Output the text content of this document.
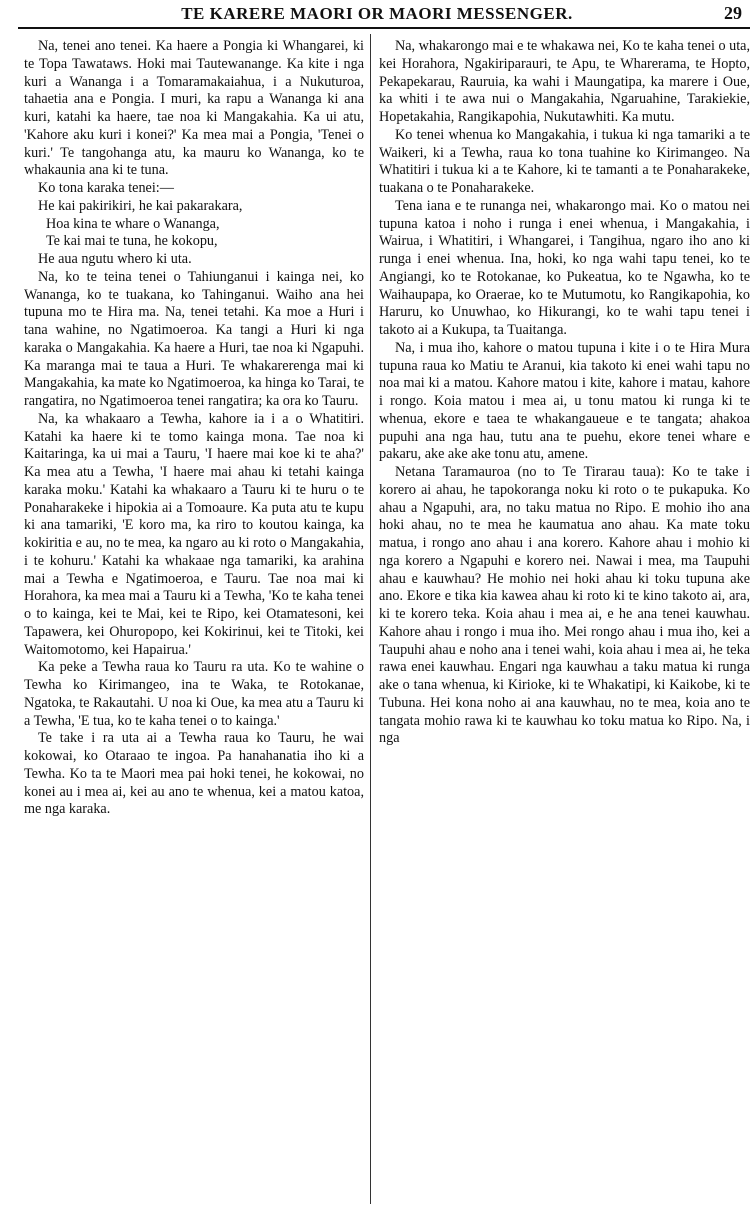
TE KARERE MAORI OR MAORI MESSENGER.	29

Na, tenei ano tenei. Ka haere a Pongia ki Whangarei, ki te Topa Tawataws. Hoki mai Tautewanange. Ka kite i nga kuri a Wananga i a Tomaramakaiahua, i a Nukuturoa, tahaetia ana e Pongia. I muri, ka rapu a Wananga ki ana kuri, katahi ka haere, tae noa ki Mangakahia. Ka ui atu, 'Kahore aku kuri i konei?' Ka mea mai a Pongia, 'Tenei o kuri.' Te tangohanga atu, ka mauru ko Wananga, ko te whakaunia ana ki te tuna.

Ko tona karaka tenei:—

He kai pakirikiri, he kai pakarakara,

Hoa kina te whare o Wananga,

Te kai mai te tuna, he kokopu,

He aua ngutu whero ki uta.

Na, ko te teina tenei o Tahiunganui i kainga nei, ko Wananga, ko te tuakana, ko Tahinganui. Waiho ana hei tupuna mo te Hira ma. Na, tenei tetahi. Ka moe a Huri i tana wahine, no Ngatimoeroa. Ka tangi a Huri ki nga karaka o Mangakahia. Ka haere a Huri, tae noa ki Ngapuhi. Ka maranga mai te taua a Huri. Te whakarerenga mai ki Mangakahia, ka mate ko Ngatimoeroa, ka hinga ko Tarai, te rangatira, no Ngatimoeroa tenei rangatira; ka ora ko Tauru.

Na, ka whakaaro a Tewha, kahore ia i a o Whatitiri. Katahi ka haere ki te tomo kainga mona. Tae noa ki Kaitaringa, ka ui mai a Tauru, 'I haere mai koe ki te aha?' Ka mea atu a Tewha, 'I haere mai ahau ki tetahi kainga karaka moku.' Katahi ka whakaaro a Tauru ki te huru o te Ponaharakeke i hipokia ai a Tomoaure. Ka puta atu te kupu ki ana tamariki, 'E koro ma, ka riro to koutou kainga, ka kokiritia e au, no te mea, ka ngaro au ki roto o Mangakahia, i te kohuru.' Katahi ka whakaae nga tamariki, ka arahina mai a Tewha e Ngatimoeroa, e Tauru. Tae noa mai ki Horahora, ka mea mai a Tauru ki a Tewha, 'Ko te kaha tenei o to kainga, kei te Mai, kei te Ripo, kei Otamatesoni, kei Tapawera, kei Ohuropopo, kei Kokirinui, kei te Titoki, kei Waitomotomo, kei Hapairua.'

Ka peke a Tewha raua ko Tauru ra uta. Ko te wahine o Tewha ko Kirimangeo, ina te Waka, te Rotokanae, Ngatoka, te Rakautahi. U noa ki Oue, ka mea atu a Tauru ki a Tewha, 'E tua, ko te kaha tenei o to kainga.'

Te take i ra uta ai a Tewha raua ko Tauru, he wai kokowai, ko Otaraao te ingoa. Pa hanahanatia iho ki a Tewha. Ko ta te Maori mea pai hoki tenei, he kokowai, no konei au i mea ai, kei au ano te whenua, kei a matou katoa, me nga karaka.

Na, whakarongo mai e te whakawa nei, Ko te kaha tenei o uta, kei Horahora, Ngakiriparauri, te Apu, te Wharerama, te Hopto, Pekapekarau, Rauruia, ka wahi i Maungatipa, ka marere i Oue, ka whiti i te awa nui o Mangakahia, Ngaruahine, Tarakiekie, Hopetakahia, Rangikapohia, Nukutawhiti. Ka mutu.

Ko tenei whenua ko Mangakahia, i tukua ki nga tamariki a te Waikeri, ki a Tewha, raua ko tona tuahine ko Kirimangeo. Na Whatitiri i tukua ki a te Kahore, ki te tamanti a te Ponaharakeke, tuakana o te Ponaharakeke.

Tena iana e te runanga nei, whakarongo mai. Ko o matou nei tupuna katoa i noho i runga i enei whenua, i Mangakahia, i Wairua, i Whatitiri, i Whangarei, i Tangihua, ngaro iho ano ki runga i enei whenua. Ina, hoki, ko nga wahi tapu tenei, ko te Angiangi, ko te Rotokanae, ko Pukeatua, ko te Ngawha, ko te Waihaupapa, ko Oraerae, ko te Mutumotu, ko Rangikapohia, ko Haruru, ko Unuwhao, ko Hikurangi, ko te wahi tapu tenei i takoto ai a Kukupa, ta Tuaitanga.

Na, i mua iho, kahore o matou tupuna i kite i o te Hira Mura tupuna raua ko Matiu te Aranui, kia takoto ki enei wahi tapu no noa mai ki a matou. Kahore matou i kite, kahore i matau, kahore i rongo. Koia matou i mea ai, u tonu matou ki runga ki te whenua, ekore e taea te whakangaueue e te tangata; ahakoa pupuhi ana nga hau, tutu ana te puehu, ekore tenei whare e pakaru, ake ake ake tonu atu, amene.

Netana Taramauroa (no to Te Tirarau taua): Ko te take i korero ai ahau, he tapokoranga noku ki roto o te pukapuka. Ko ahau a Ngapuhi, ara, no taku matua no Ripo. E mohio iho ana hoki ahau, no te mea he kaumatua ano ahau. Ka mate toku matua, i rongo ano ahau i ana korero. Kahore ahau i mohio ki nga korero a Ngapuhi e korero nei. Nawai i mea, ma Taupuhi ahau e kauwhau? He mohio nei hoki ahau ki toku tupuna ake ano. Ekore e tika kia kawea ahau ki roto ki te kino takoto ai, ara, ki te korero teka. Koia ahau i mea ai, e he ana tenei kauwhau. Kahore ahau i rongo i mua iho. Mei rongo ahau i mua iho, kei a Taupuhi ahau e noho ana i tenei wahi, koia ahau i mea ai, he teka rawa enei kauwhau. Engari nga kauwhau a taku matua ki runga ake o tana whenua, ki Kirioke, ki te Whakatipi, ki Kaikobe, ki te Tubuna. Hei kona noho ai ana kauwhau, no te mea, koia ano te tangata mohio rawa ki te kauwhau ko toku matua ko Ripo. Na, i nga
